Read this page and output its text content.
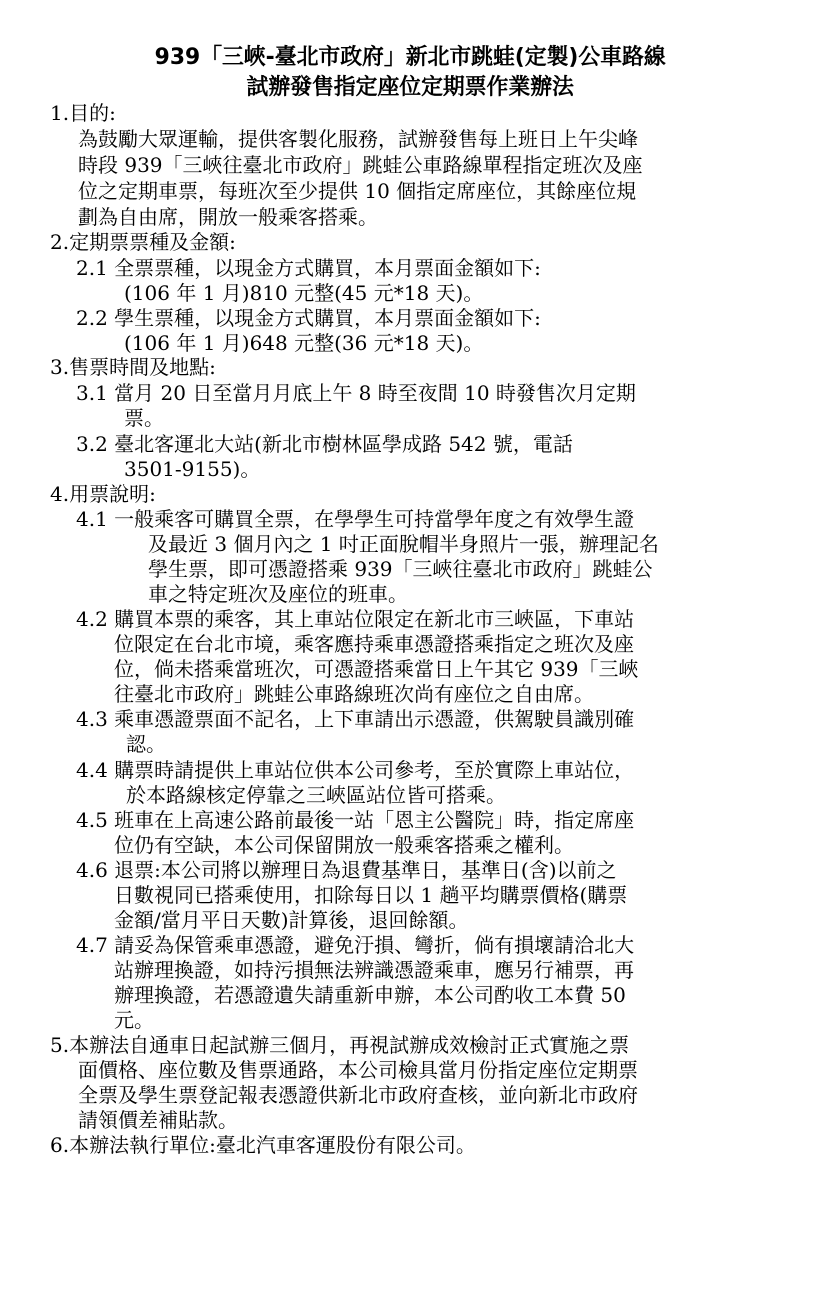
939「三峽-臺北市政府」新北市跳蛙(定製)公車路線
試辦發售指定座位定期票作業辦法
1.目的:
為鼓勵大眾運輸，提供客製化服務，試辦發售每上班日上午尖峰
時段 939「三峽往臺北市政府」跳蛙公車路線單程指定班次及座
位之定期車票，每班次至少提供 10 個指定席座位，其餘座位規
劃為自由席，開放一般乘客搭乘。
2.定期票票種及金額:
2.1 全票票種，以現金方式購買，本月票面金額如下:
(106 年 1 月)810 元整(45 元*18 天)。
2.2 學生票種，以現金方式購買，本月票面金額如下:
(106 年 1 月)648 元整(36 元*18 天)。
3.售票時間及地點:
3.1 當月 20 日至當月月底上午 8 時至夜間 10 時發售次月定期
票。
3.2 臺北客運北大站(新北市樹林區學成路 542 號，電話
3501-9155)。
4.用票說明:
4.1 一般乘客可購買全票，在學學生可持當學年度之有效學生證
及最近 3 個月內之 1 吋正面脫帽半身照片一張，辦理記名
學生票，即可憑證搭乘 939「三峽往臺北市政府」跳蛙公
車之特定班次及座位的班車。
4.2 購買本票的乘客，其上車站位限定在新北市三峽區，下車站
位限定在台北市境，乘客應持乘車憑證搭乘指定之班次及座
位，倘未搭乘當班次，可憑證搭乘當日上午其它 939「三峽
往臺北市政府」跳蛙公車路線班次尚有座位之自由席。
4.3 乘車憑證票面不記名，上下車請出示憑證，供駕駛員識別確
認。
4.4 購票時請提供上車站位供本公司參考，至於實際上車站位，
於本路線核定停靠之三峽區站位皆可搭乘。
4.5 班車在上高速公路前最後一站「恩主公醫院」時，指定席座
位仍有空缺，本公司保留開放一般乘客搭乘之權利。
4.6 退票:本公司將以辦理日為退費基準日，基準日(含)以前之
日數視同已搭乘使用，扣除每日以 1 趟平均購票價格(購票
金額/當月平日天數)計算後，退回餘額。
4.7 請妥為保管乘車憑證，避免汙損、彎折，倘有損壞請洽北大
站辦理換證，如持污損無法辨識憑證乘車，應另行補票，再
辦理換證，若憑證遺失請重新申辦，本公司酌收工本費 50
元。
5.本辦法自通車日起試辦三個月，再視試辦成效檢討正式實施之票
面價格、座位數及售票通路，本公司檢具當月份指定座位定期票
全票及學生票登記報表憑證供新北市政府查核，並向新北市政府
請領價差補貼款。
6.本辦法執行單位:臺北汽車客運股份有限公司。
